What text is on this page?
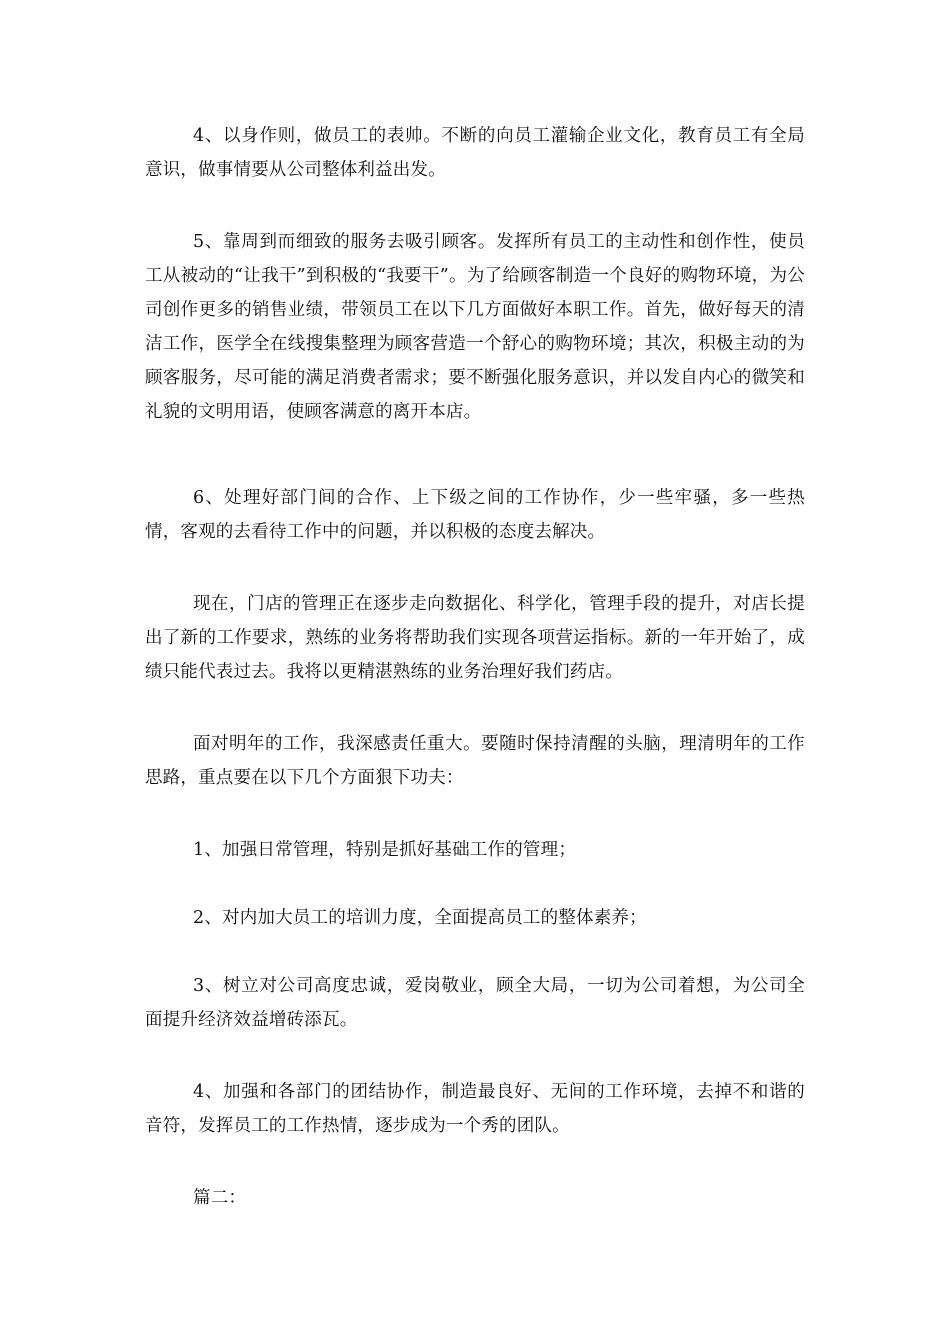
4、以身作则，做员工的表帅。不断的向员工灌输企业文化，教育员工有全局意识，做事情要从公司整体利益出发。

5、靠周到而细致的服务去吸引顾客。发挥所有员工的主动性和创作性，使员工从被动的“让我干”到积极的“我要干”。为了给顾客制造一个良好的购物环境，为公司创作更多的销售业绩，带领员工在以下几方面做好本职工作。首先，做好每天的清洁工作，医学全在线搜集整理为顾客营造一个舒心的购物环境；其次，积极主动的为顾客服务，尽可能的满足消费者需求；要不断强化服务意识，并以发自内心的微笑和礼貌的文明用语，使顾客满意的离开本店。

6、处理好部门间的合作、上下级之间的工作协作，少一些牢骚，多一些热情，客观的去看待工作中的问题，并以积极的态度去解决。

现在，门店的管理正在逐步走向数据化、科学化，管理手段的提升，对店长提出了新的工作要求，熟练的业务将帮助我们实现各项营运指标。新的一年开始了，成绩只能代表过去。我将以更精湛熟练的业务治理好我们药店。

面对明年的工作，我深感责任重大。要随时保持清醒的头脑，理清明年的工作思路，重点要在以下几个方面狠下功夫：

1、加强日常管理，特别是抓好基础工作的管理；

2、对内加大员工的培训力度，全面提高员工的整体素养；

3、树立对公司高度忠诚，爱岗敬业，顾全大局，一切为公司着想，为公司全面提升经济效益增砖添瓦。

4、加强和各部门的团结协作，制造最良好、无间的工作环境，去掉不和谐的音符，发挥员工的工作热情，逐步成为一个秀的团队。

篇二：
